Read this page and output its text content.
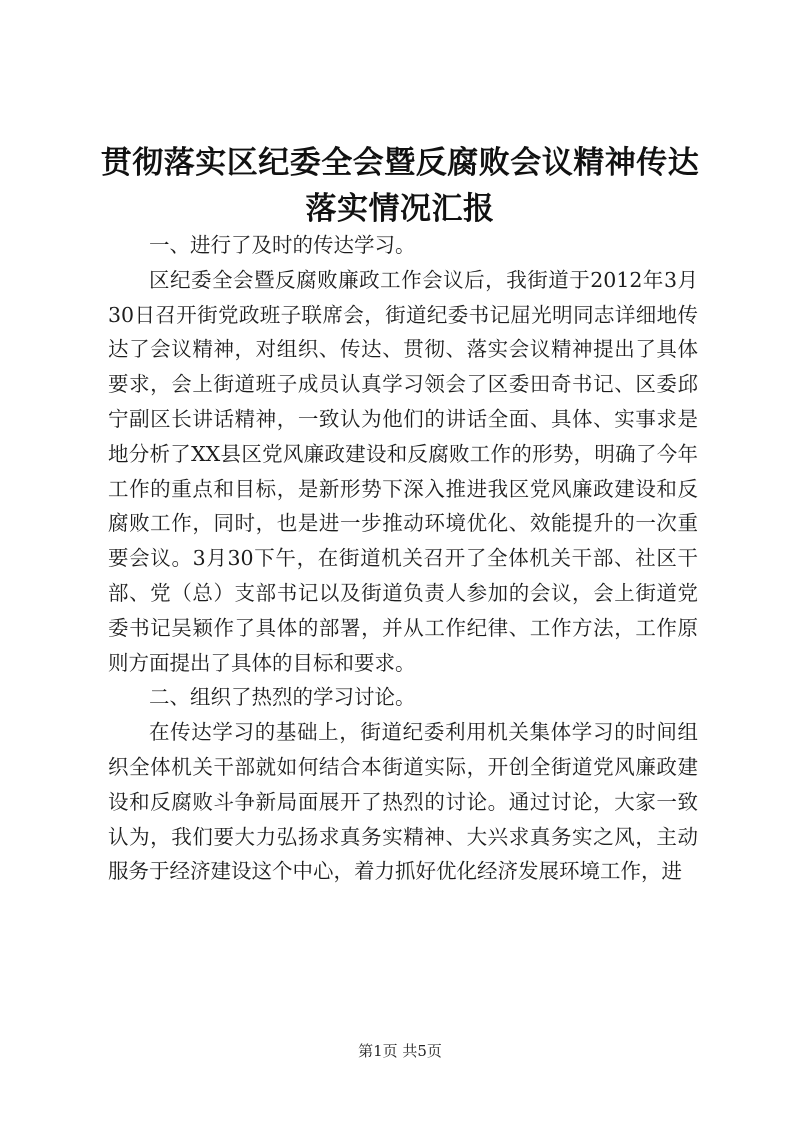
贯彻落实区纪委全会暨反腐败会议精神传达落实情况汇报

一、进行了及时的传达学习。

区纪委全会暨反腐败廉政工作会议后，我街道于2012年3月30日召开街党政班子联席会，街道纪委书记屈光明同志详细地传达了会议精神，对组织、传达、贯彻、落实会议精神提出了具体要求，会上街道班子成员认真学习领会了区委田奇书记、区委邱宁副区长讲话精神，一致认为他们的讲话全面、具体、实事求是地分析了XX县区党风廉政建设和反腐败工作的形势，明确了今年工作的重点和目标，是新形势下深入推进我区党风廉政建设和反腐败工作，同时，也是进一步推动环境优化、效能提升的一次重要会议。3月30下午，在街道机关召开了全体机关干部、社区干部、党（总）支部书记以及街道负责人参加的会议，会上街道党委书记吴颖作了具体的部署，并从工作纪律、工作方法，工作原则方面提出了具体的目标和要求。

二、组织了热烈的学习讨论。

在传达学习的基础上，街道纪委利用机关集体学习的时间组织全体机关干部就如何结合本街道实际，开创全街道党风廉政建设和反腐败斗争新局面展开了热烈的讨论。通过讨论，大家一致认为，我们要大力弘扬求真务实精神、大兴求真务实之风，主动服务于经济建设这个中心，着力抓好优化经济发展环境工作，进

第1页 共5页
